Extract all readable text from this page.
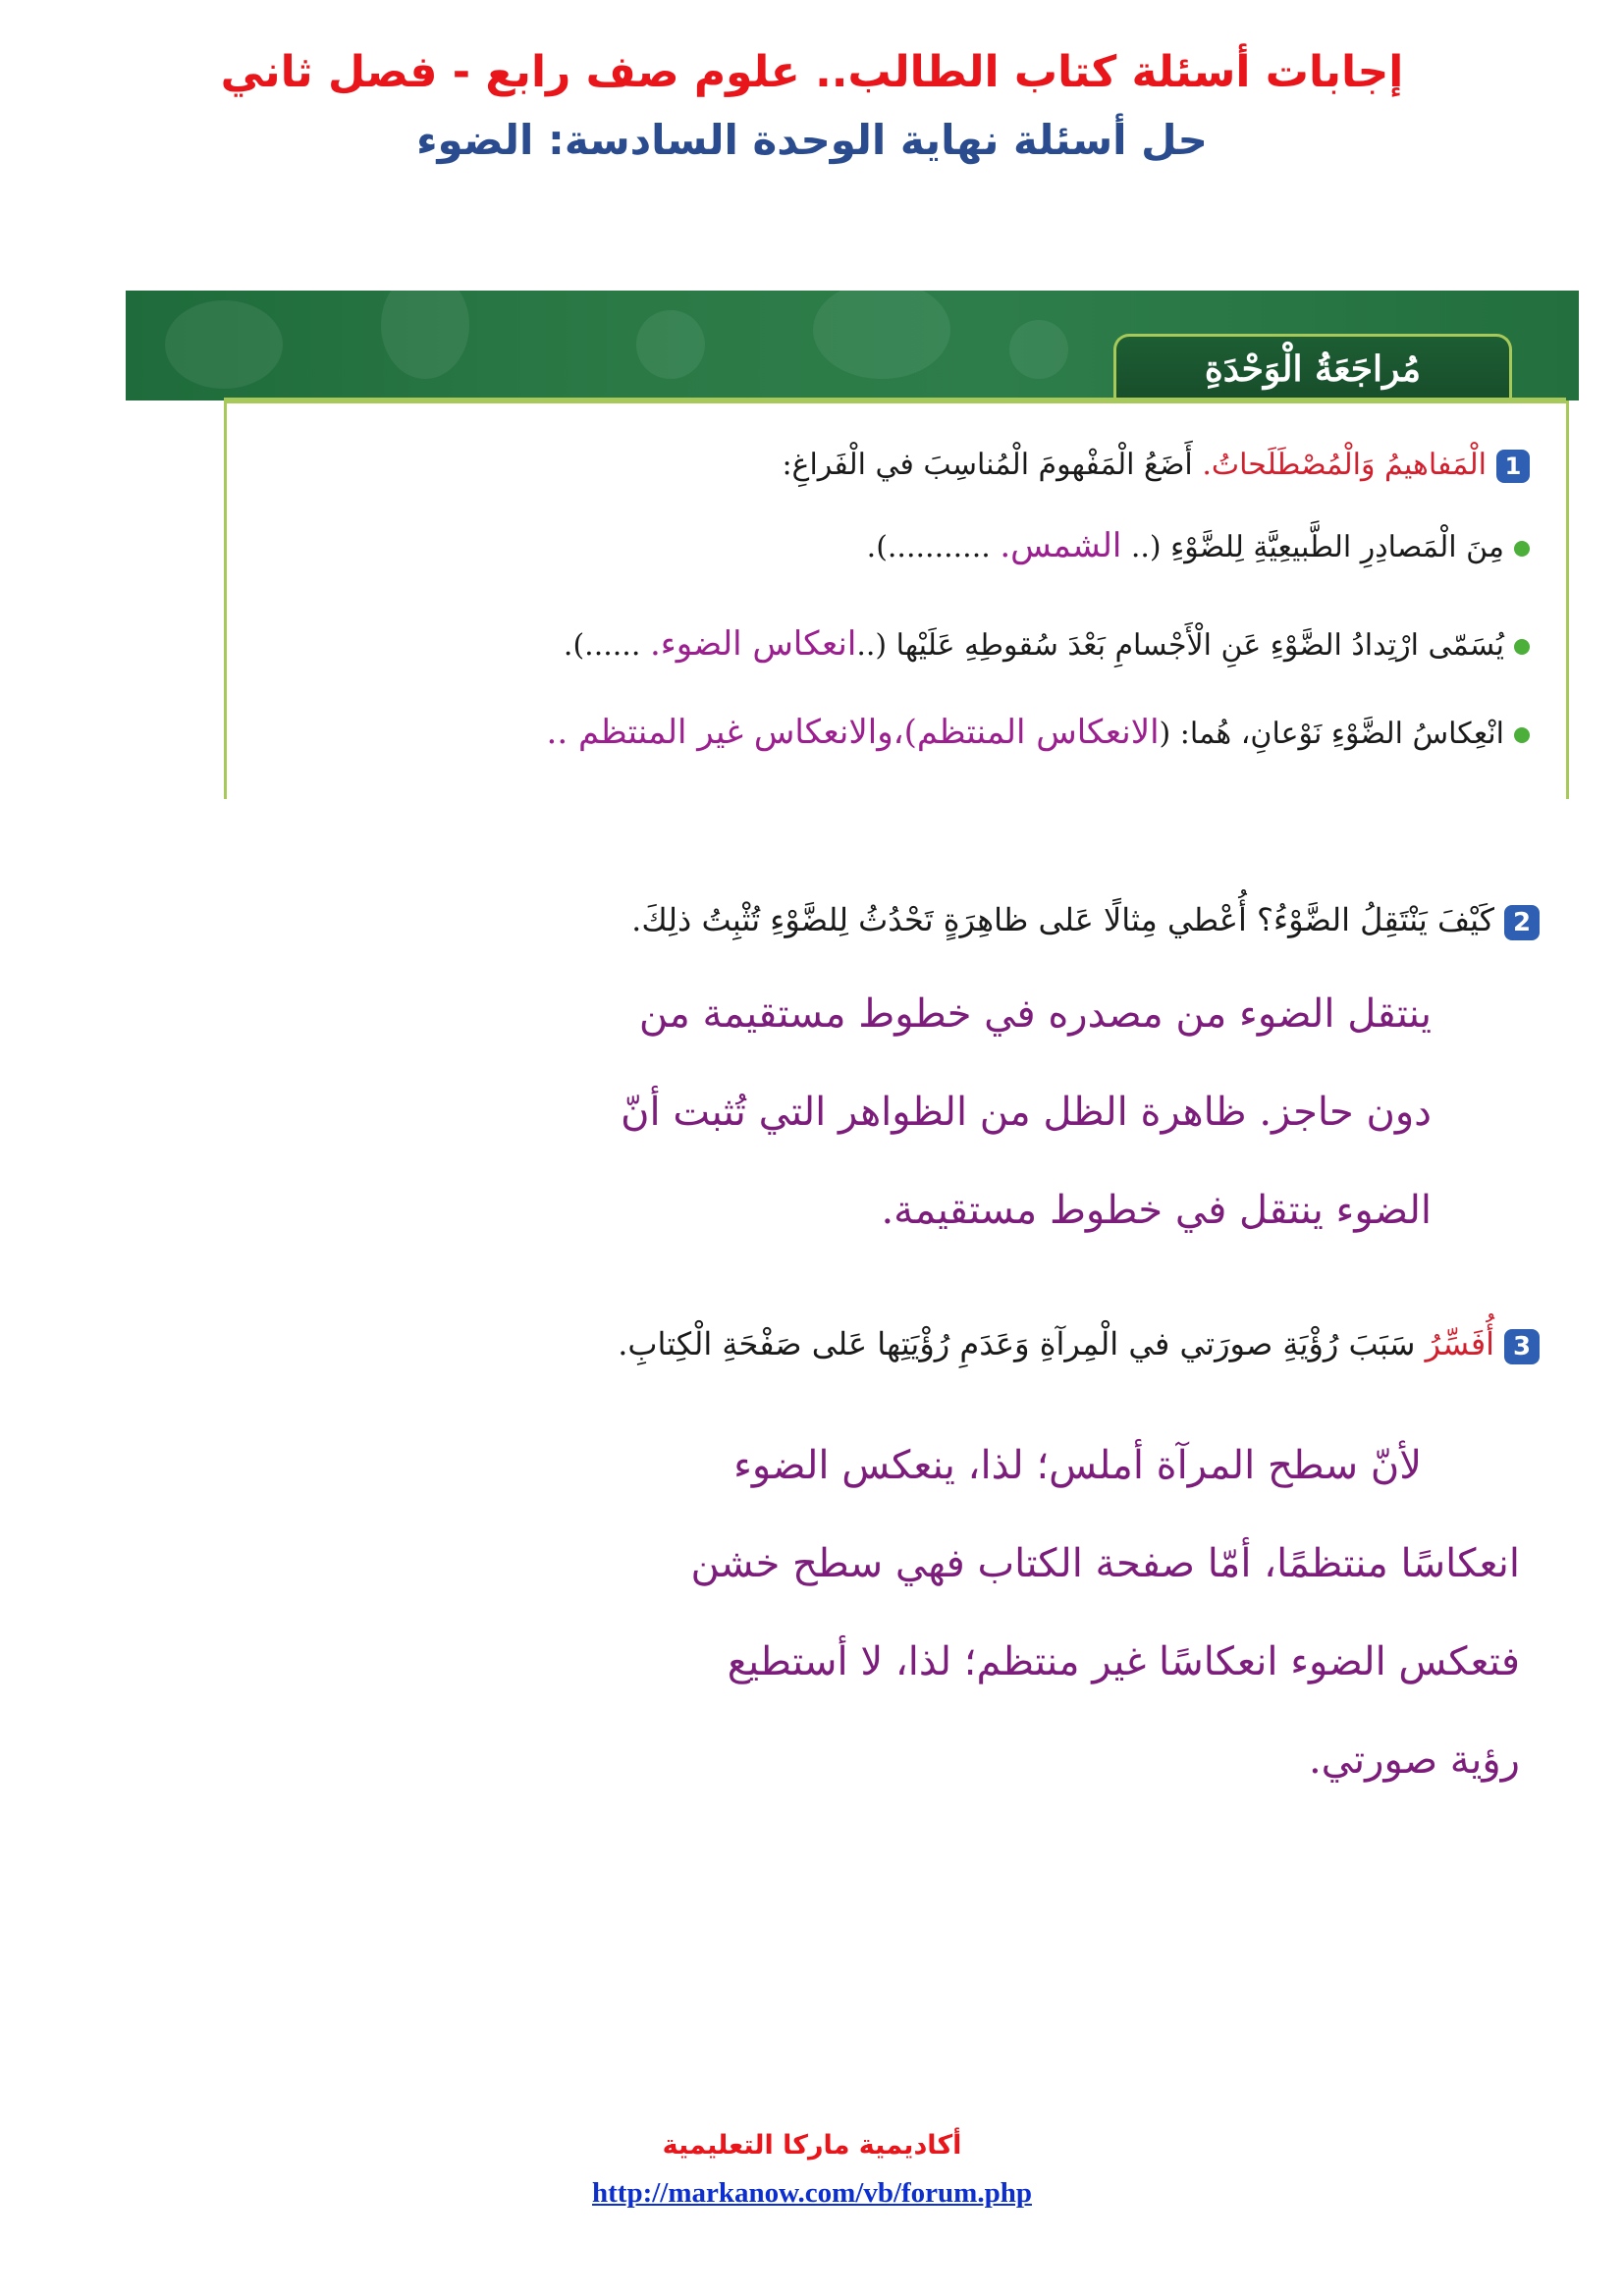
إجابات أسئلة كتاب الطالب.. علوم صف رابع - فصل ثاني
حل أسئلة نهاية الوحدة السادسة: الضوء
مُراجَعَةُ الْوَحْدَةِ
1الْمَفاهيمُ وَالْمُصْطَلَحاتُ. أَضَعُ الْمَفْهومَ الْمُناسِبَ في الْفَراغِ:
مِنَ الْمَصادِرِ الطَّبيعِيَّةِ لِلضَّوْءِ (.. الشمس. ...........).
يُسَمّى ارْتِدادُ الضَّوْءِ عَنِ الْأَجْسامِ بَعْدَ سُقوطِهِ عَلَيْها (..انعكاس الضوء. ......).
انْعِكاسُ الضَّوْءِ نَوْعانِ، هُما: (الانعكاس المنتظم)،والانعكاس غير المنتظم ..
2كَيْفَ يَنْتَقِلُ الضَّوْءُ؟ أُعْطي مِثالًا عَلى ظاهِرَةٍ تَحْدُثُ لِلضَّوْءِ تُثْبِتُ ذلِكَ.
ينتقل الضوء من مصدره في خطوط مستقيمة من
دون حاجز. ظاهرة الظل من الظواهر التي تُثبت أنّ
الضوء ينتقل في خطوط مستقيمة.
3أُفَسِّرُ سَبَبَ رُؤْيَةِ صورَتي في الْمِرآةِ وَعَدَمِ رُؤْيَتِها عَلى صَفْحَةِ الْكِتابِ.
لأنّ سطح المرآة أملس؛ لذا، ينعكس الضوء
انعكاسًا منتظمًا، أمّا صفحة الكتاب فهي سطح خشن
فتعكس الضوء انعكاسًا غير منتظم؛ لذا، لا أستطيع
رؤية صورتي.
أكاديمية ماركا التعليمية
http://markanow.com/vb/forum.php
